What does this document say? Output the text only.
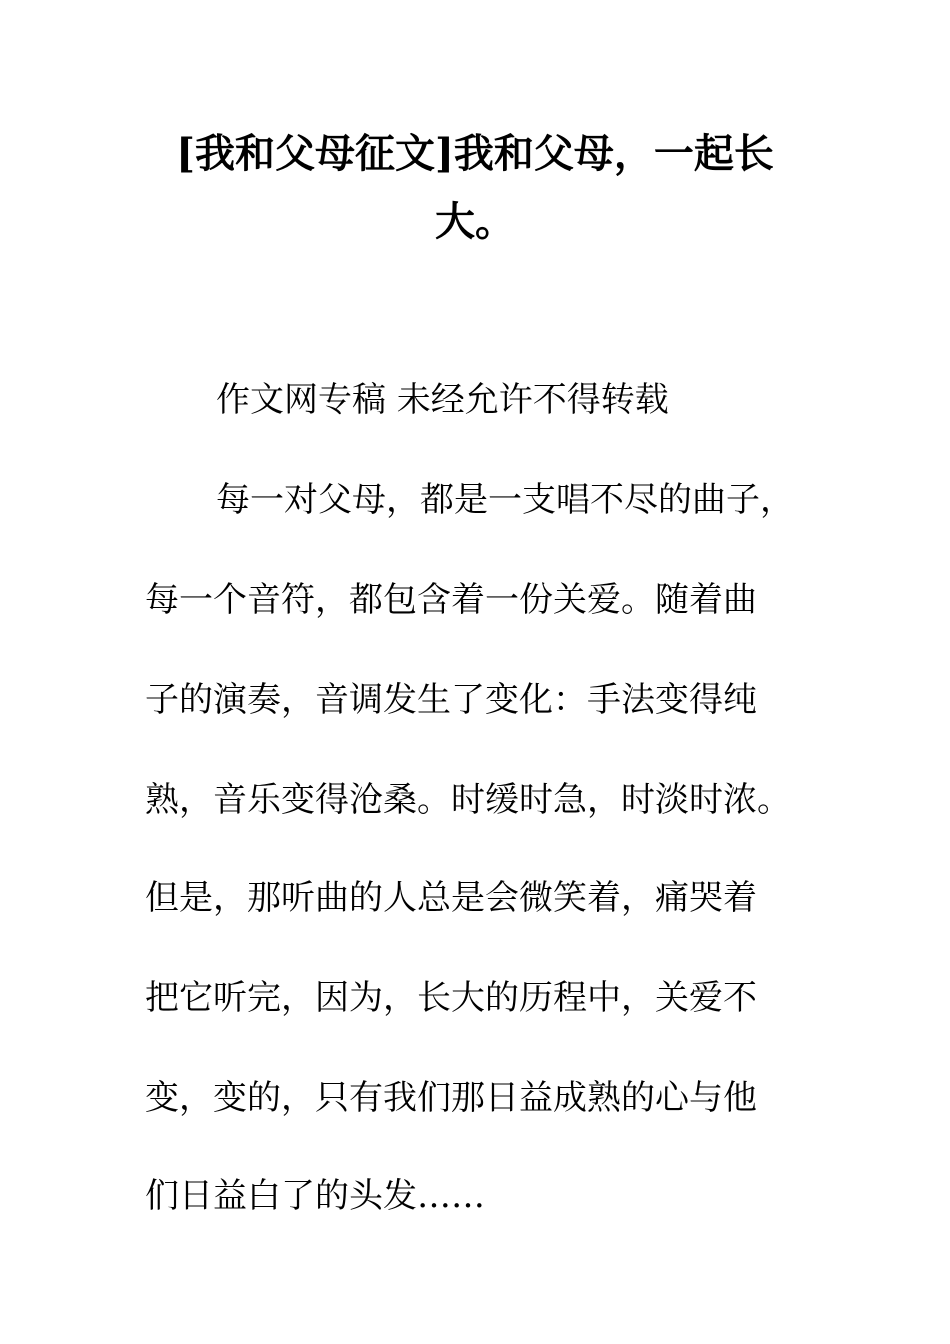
[我和父母征文]我和父母，一起长
大。
作文网专稿 未经允许不得转载
每一对父母，都是一支唱不尽的曲子，
每一个音符，都包含着一份关爱。随着曲
子的演奏，音调发生了变化：手法变得纯
熟，音乐变得沧桑。时缓时急，时淡时浓。
但是，那听曲的人总是会微笑着，痛哭着
把它听完，因为，长大的历程中，关爱不
变，变的，只有我们那日益成熟的心与他
们日益白了的头发……
